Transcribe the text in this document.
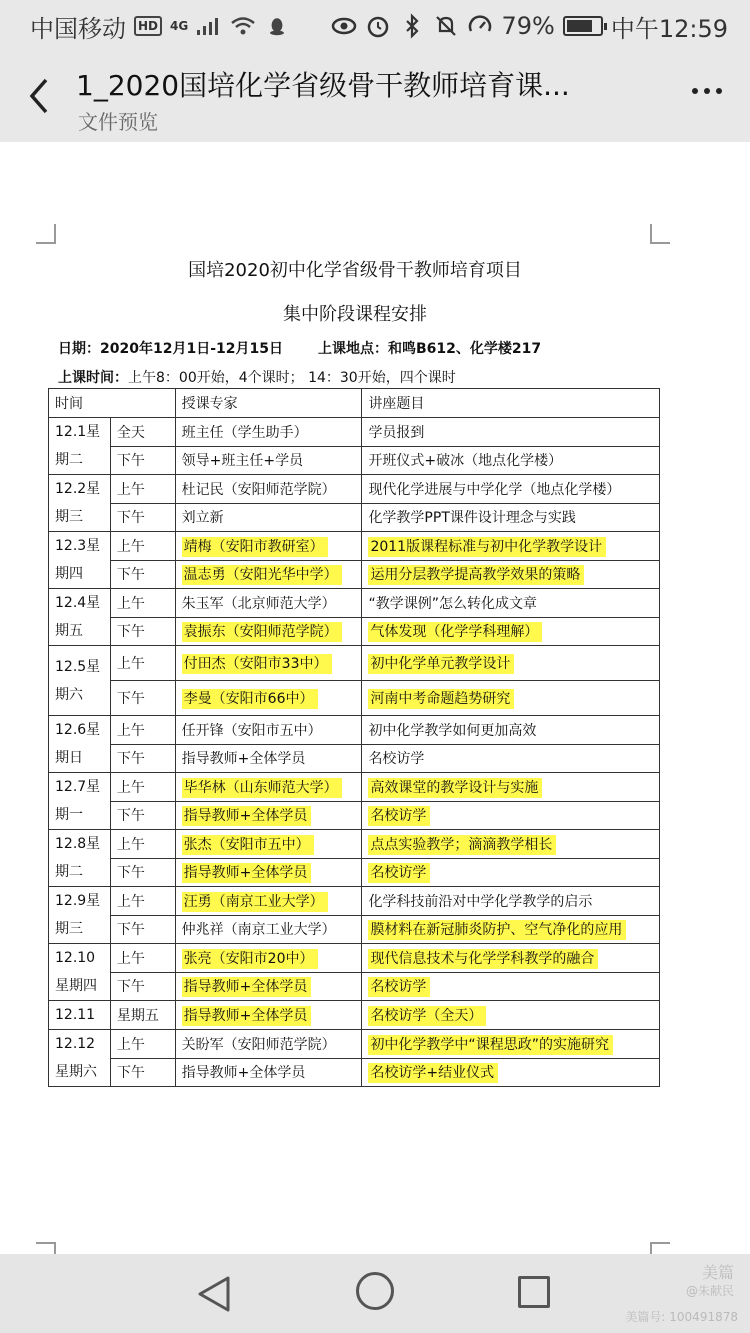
中国移动	HD	4G	79% 中午12:59
1_2020国培化学省级骨干教师培育课...
文件预览
国培2020初中化学省级骨干教师培育项目
集中阶段课程安排
日期：2020年12月1日-12月15日	上课地点：和鸣B612、化学楼217
上课时间：上午8：00开始，4个课时； 14：30开始，四个课时
时间		授课专家	讲座题目
12.1星期二	全天	班主任（学生助手）	学员报到
	下午	领导+班主任+学员	开班仪式+破冰（地点化学楼）
12.2星期三	上午	杜记民（安阳师范学院）	现代化学进展与中学化学（地点化学楼）
	下午	刘立新	化学教学PPT课件设计理念与实践
12.3星期四	上午	靖梅（安阳市教研室）	2011版课程标准与初中化学教学设计
	下午	温志勇（安阳光华中学）	运用分层教学提高教学效果的策略
12.4星期五	上午	朱玉军（北京师范大学）	“教学课例”怎么转化成文章
	下午	袁振东（安阳师范学院）	气体发现（化学学科理解）
12.5星期六	上午	付田杰（安阳市33中）	初中化学单元教学设计
	下午	李曼（安阳市66中）	河南中考命题趋势研究
12.6星期日	上午	任开锋（安阳市五中）	初中化学教学如何更加高效
	下午	指导教师+全体学员	名校访学
12.7星期一	上午	毕华林（山东师范大学）	高效课堂的教学设计与实施
	下午	指导教师+全体学员	名校访学
12.8星期二	上午	张杰（安阳市五中）	点点实验教学；滴滴教学相长
	下午	指导教师+全体学员	名校访学
12.9星期三	上午	汪勇（南京工业大学）	化学科技前沿对中学化学教学的启示
	下午	仲兆祥（南京工业大学）	膜材料在新冠肺炎防护、空气净化的应用
12.10星期四	上午	张亮（安阳市20中）	现代信息技术与化学学科教学的融合
	下午	指导教师+全体学员	名校访学
12.11	星期五	指导教师+全体学员	名校访学（全天）
12.12星期六	上午	关盼军（安阳师范学院）	初中化学教学中“课程思政”的实施研究
	下午	指导教师+全体学员	名校访学+结业仪式
美篇
@朱献民
美篇号: 100491878
